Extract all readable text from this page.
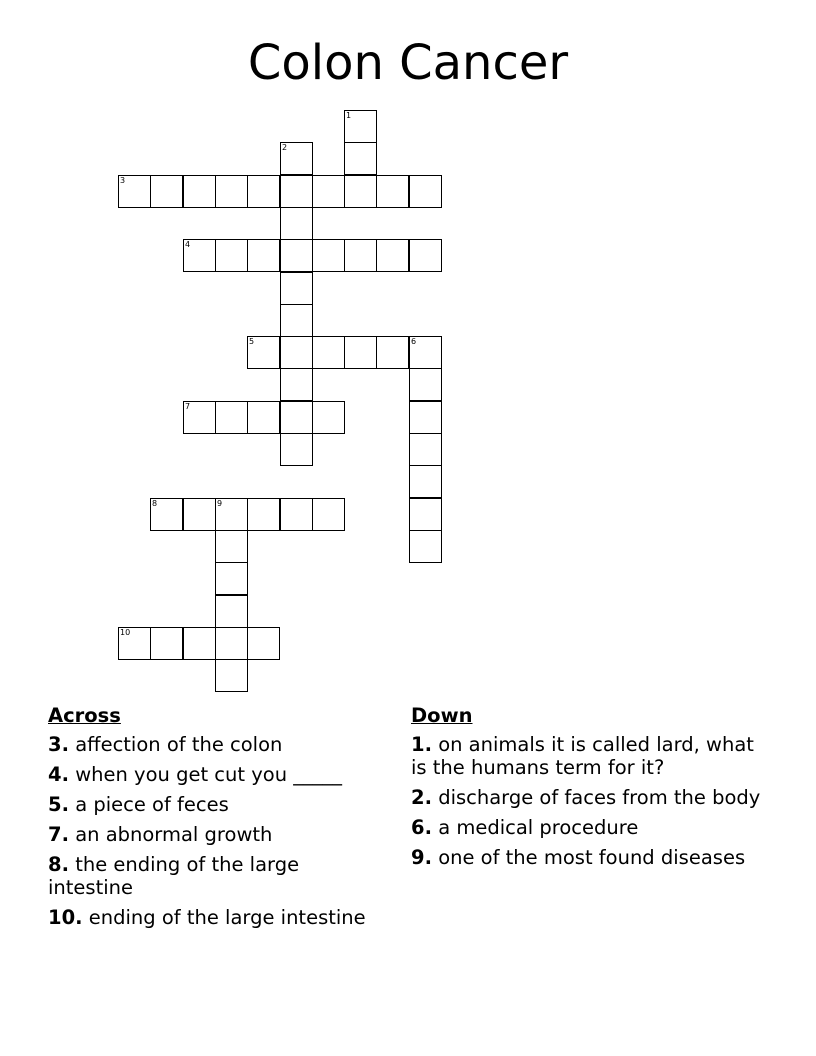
Colon Cancer
1
2
3
4
5	6
7
8	9
10
Across
3. affection of the colon
4. when you get cut you _____
5. a piece of feces
7. an abnormal growth
8. the ending of the large intestine
10. ending of the large intestine
Down
1. on animals it is called lard, what is the humans term for it?
2. discharge of faces from the body
6. a medical procedure
9. one of the most found diseases
